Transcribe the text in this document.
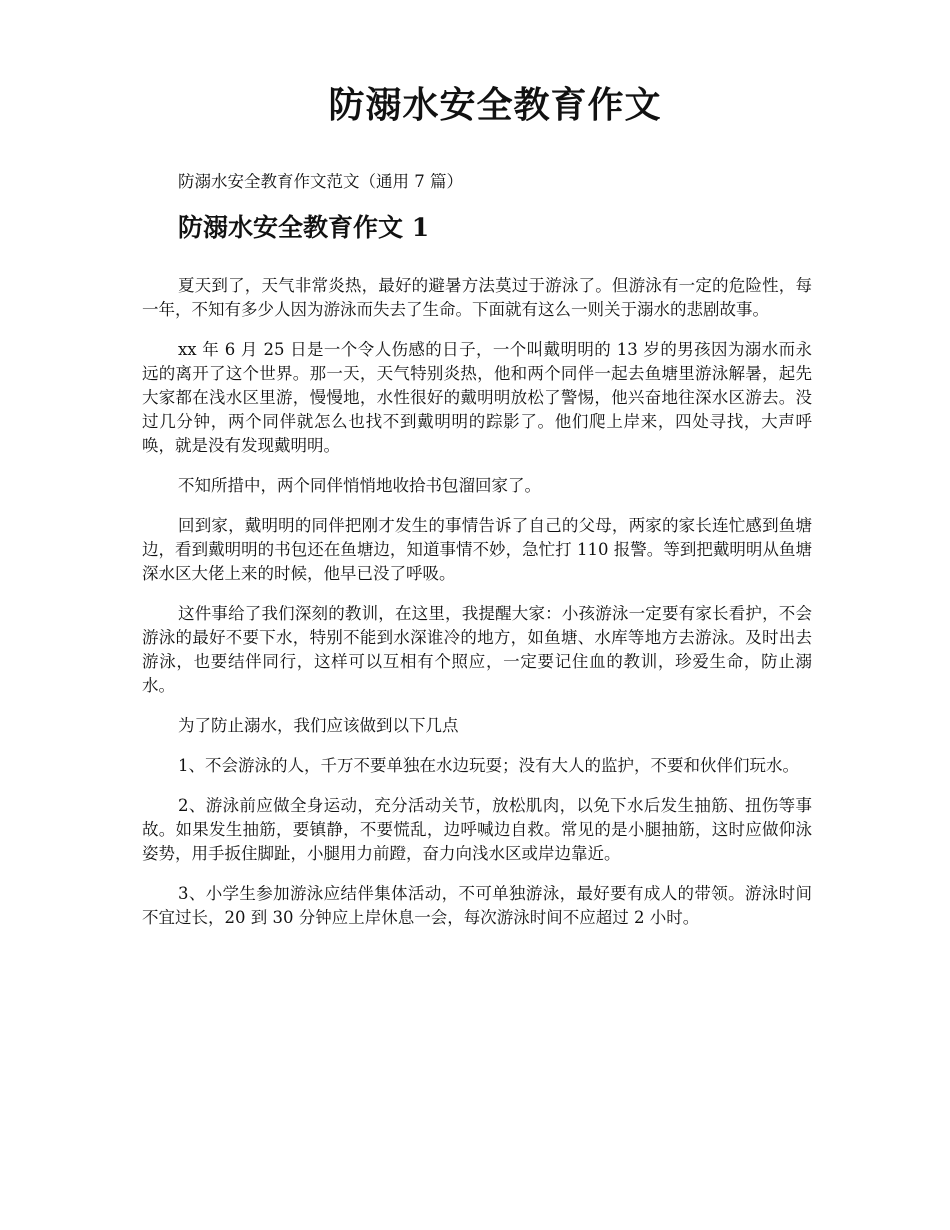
防溺水安全教育作文

防溺水安全教育作文范文（通用 7 篇）

防溺水安全教育作文 1

夏天到了，天气非常炎热，最好的避暑方法莫过于游泳了。但游泳有一定的危险性，每一年，不知有多少人因为游泳而失去了生命。下面就有这么一则关于溺水的悲剧故事。

xx 年 6 月 25 日是一个令人伤感的日子，一个叫戴明明的 13 岁的男孩因为溺水而永远的离开了这个世界。那一天，天气特别炎热，他和两个同伴一起去鱼塘里游泳解暑，起先大家都在浅水区里游，慢慢地，水性很好的戴明明放松了警惕，他兴奋地往深水区游去。没过几分钟，两个同伴就怎么也找不到戴明明的踪影了。他们爬上岸来，四处寻找，大声呼唤，就是没有发现戴明明。

不知所措中，两个同伴悄悄地收拾书包溜回家了。

回到家，戴明明的同伴把刚才发生的事情告诉了自己的父母，两家的家长连忙感到鱼塘边，看到戴明明的书包还在鱼塘边，知道事情不妙，急忙打 110 报警。等到把戴明明从鱼塘深水区大佬上来的时候，他早已没了呼吸。

这件事给了我们深刻的教训，在这里，我提醒大家：小孩游泳一定要有家长看护，不会游泳的最好不要下水，特别不能到水深谁冷的地方，如鱼塘、水库等地方去游泳。及时出去游泳，也要结伴同行，这样可以互相有个照应，一定要记住血的教训，珍爱生命，防止溺水。

为了防止溺水，我们应该做到以下几点

1、不会游泳的人，千万不要单独在水边玩耍；没有大人的监护，不要和伙伴们玩水。

2、游泳前应做全身运动，充分活动关节，放松肌肉，以免下水后发生抽筋、扭伤等事故。如果发生抽筋，要镇静，不要慌乱，边呼喊边自救。常见的是小腿抽筋，这时应做仰泳姿势，用手扳住脚趾，小腿用力前蹬，奋力向浅水区或岸边靠近。

3、小学生参加游泳应结伴集体活动，不可单独游泳，最好要有成人的带领。游泳时间不宜过长，20 到 30 分钟应上岸休息一会，每次游泳时间不应超过 2 小时。
